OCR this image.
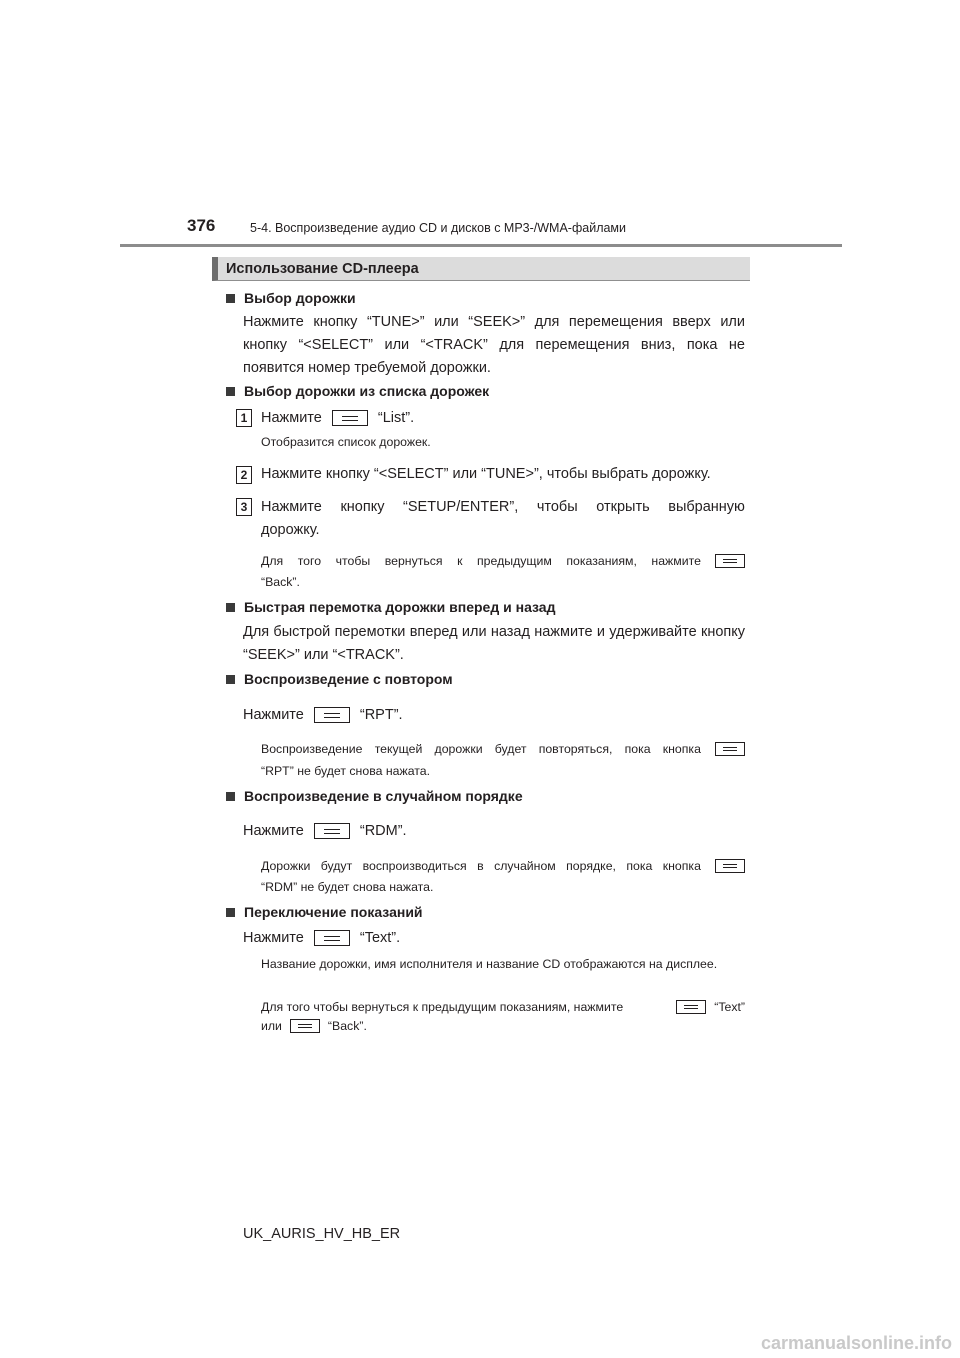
376	5-4. Воспроизведение аудио CD и дисков с MP3-/WMA-файлами
Использование CD-плеера
Выбор дорожки
Нажмите кнопку “TUNE>” или “SEEK>” для перемещения вверх или кнопку “<SELECT” или “<TRACK” для перемещения вниз, пока не появится номер требуемой дорожки.
Выбор дорожки из списка дорожек
1 Нажмите	“List”.
Отобразится список дорожек.
2 Нажмите кнопку “<SELECT” или “TUNE>”, чтобы выбрать дорожку.
3 Нажмите кнопку “SETUP/ENTER”, чтобы открыть выбранную
дорожку.
Для того чтобы вернуться к предыдущим показаниям, нажмите
“Back”.
Быстрая перемотка дорожки вперед и назад
Для быстрой перемотки вперед или назад нажмите и удерживайте кнопку “SEEK>” или “<TRACK”.
Воспроизведение с повтором
Нажмите	“RPT”.
Воспроизведение текущей дорожки будет повторяться, пока кнопка
“RPT” не будет снова нажата.
Воспроизведение в случайном порядке
Нажмите	“RDM”.
Дорожки будут воспроизводиться в случайном порядке, пока кнопка
“RDM” не будет снова нажата.
Переключение показаний
Нажмите	“Text”.
Название дорожки, имя исполнителя и название CD отображаются на дисплее.
Для того чтобы вернуться к предыдущим показаниям, нажмите	“Text”
или	“Back”.
UK_AURIS_HV_HB_ER
carmanualsonline.info
